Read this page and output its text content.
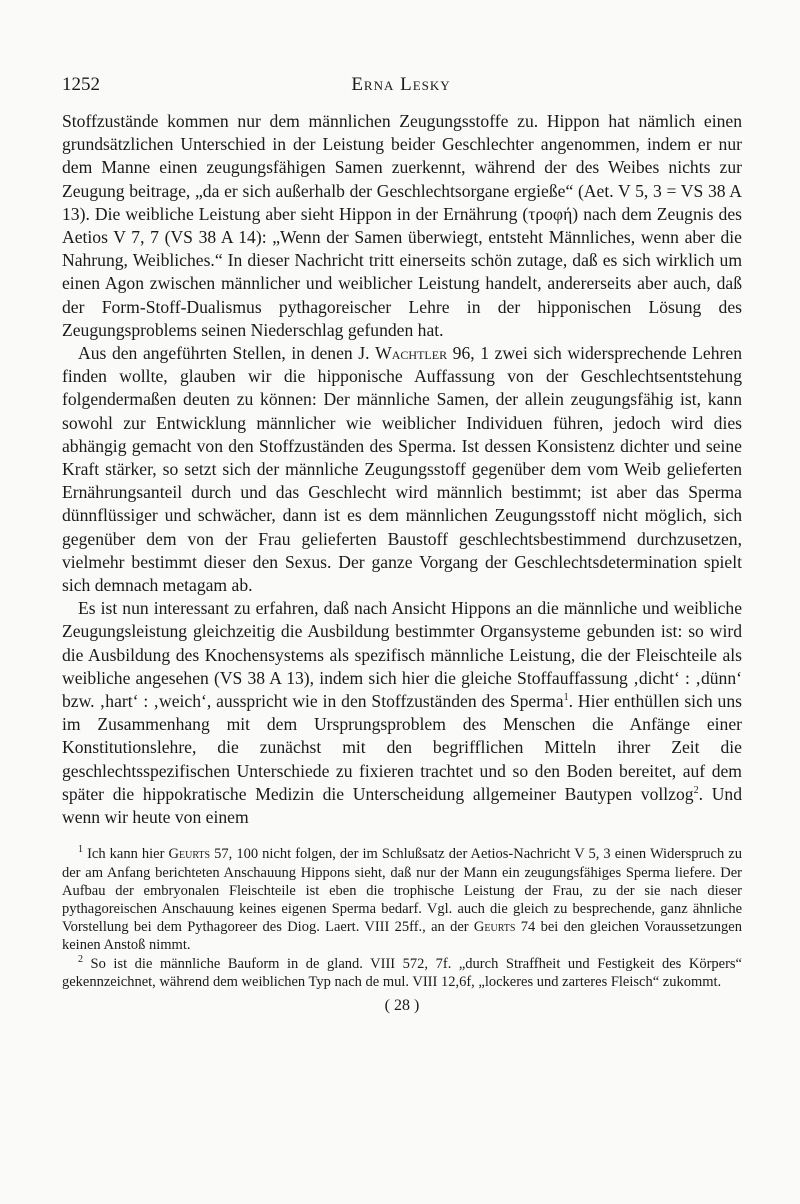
1252	Erna Lesky

Stoffzustände kommen nur dem männlichen Zeugungsstoffe zu. Hippon hat nämlich einen grundsätzlichen Unterschied in der Leistung beider Geschlechter angenommen, indem er nur dem Manne einen zeugungsfähigen Samen zuerkennt, während der des Weibes nichts zur Zeugung beitrage, „da er sich außerhalb der Geschlechtsorgane ergieße“ (Aet. V 5, 3 = VS 38 A 13). Die weibliche Leistung aber sieht Hippon in der Ernährung (τροφή) nach dem Zeugnis des Aetios V 7, 7 (VS 38 A 14): „Wenn der Samen überwiegt, entsteht Männliches, wenn aber die Nahrung, Weibliches.“ In dieser Nachricht tritt einerseits schön zutage, daß es sich wirklich um einen Agon zwischen männlicher und weiblicher Leistung handelt, andererseits aber auch, daß der Form-Stoff-Dualismus pythagoreischer Lehre in der hipponischen Lösung des Zeugungsproblems seinen Niederschlag gefunden hat.

Aus den angeführten Stellen, in denen J. Wachtler 96, 1 zwei sich widersprechende Lehren finden wollte, glauben wir die hipponische Auffassung von der Geschlechtsentstehung folgendermaßen deuten zu können: Der männliche Samen, der allein zeugungsfähig ist, kann sowohl zur Entwicklung männlicher wie weiblicher Individuen führen, jedoch wird dies abhängig gemacht von den Stoffzuständen des Sperma. Ist dessen Konsistenz dichter und seine Kraft stärker, so setzt sich der männliche Zeugungsstoff gegenüber dem vom Weib gelieferten Ernährungsanteil durch und das Geschlecht wird männlich bestimmt; ist aber das Sperma dünnflüssiger und schwächer, dann ist es dem männlichen Zeugungsstoff nicht möglich, sich gegenüber dem von der Frau gelieferten Baustoff geschlechtsbestimmend durchzusetzen, vielmehr bestimmt dieser den Sexus. Der ganze Vorgang der Geschlechtsdetermination spielt sich demnach metagam ab.

Es ist nun interessant zu erfahren, daß nach Ansicht Hippons an die männliche und weibliche Zeugungsleistung gleichzeitig die Ausbildung bestimmter Organsysteme gebunden ist: so wird die Ausbildung des Knochensystems als spezifisch männliche Leistung, die der Fleischteile als weibliche angesehen (VS 38 A 13), indem sich hier die gleiche Stoffauffassung ‚dicht‘ : ‚dünn‘ bzw. ‚hart‘ : ‚weich‘, ausspricht wie in den Stoffzuständen des Sperma$^1$. Hier enthüllen sich uns im Zusammenhang mit dem Ursprungsproblem des Menschen die Anfänge einer Konstitutionslehre, die zunächst mit den begrifflichen Mitteln ihrer Zeit die geschlechtsspezifischen Unterschiede zu fixieren trachtet und so den Boden bereitet, auf dem später die hippokratische Medizin die Unterscheidung allgemeiner Bautypen vollzog$^2$. Und wenn wir heute von einem

$^1$ Ich kann hier Geurts 57, 100 nicht folgen, der im Schlußsatz der Aetios-Nachricht V 5, 3 einen Widerspruch zu der am Anfang berichteten Anschauung Hippons sieht, daß nur der Mann ein zeugungsfähiges Sperma liefere. Der Aufbau der embryonalen Fleischteile ist eben die trophische Leistung der Frau, zu der sie nach dieser pythagoreischen Anschauung keines eigenen Sperma bedarf. Vgl. auch die gleich zu besprechende, ganz ähnliche Vorstellung bei dem Pythagoreer des Diog. Laert. VIII 25ff., an der Geurts 74 bei den gleichen Voraussetzungen keinen Anstoß nimmt.

$^2$ So ist die männliche Bauform in de gland. VIII 572, 7f. „durch Straffheit und Festigkeit des Körpers“ gekennzeichnet, während dem weiblichen Typ nach de mul. VIII 12,6f, „lockeres und zarteres Fleisch“ zukommt.

( 28 )
